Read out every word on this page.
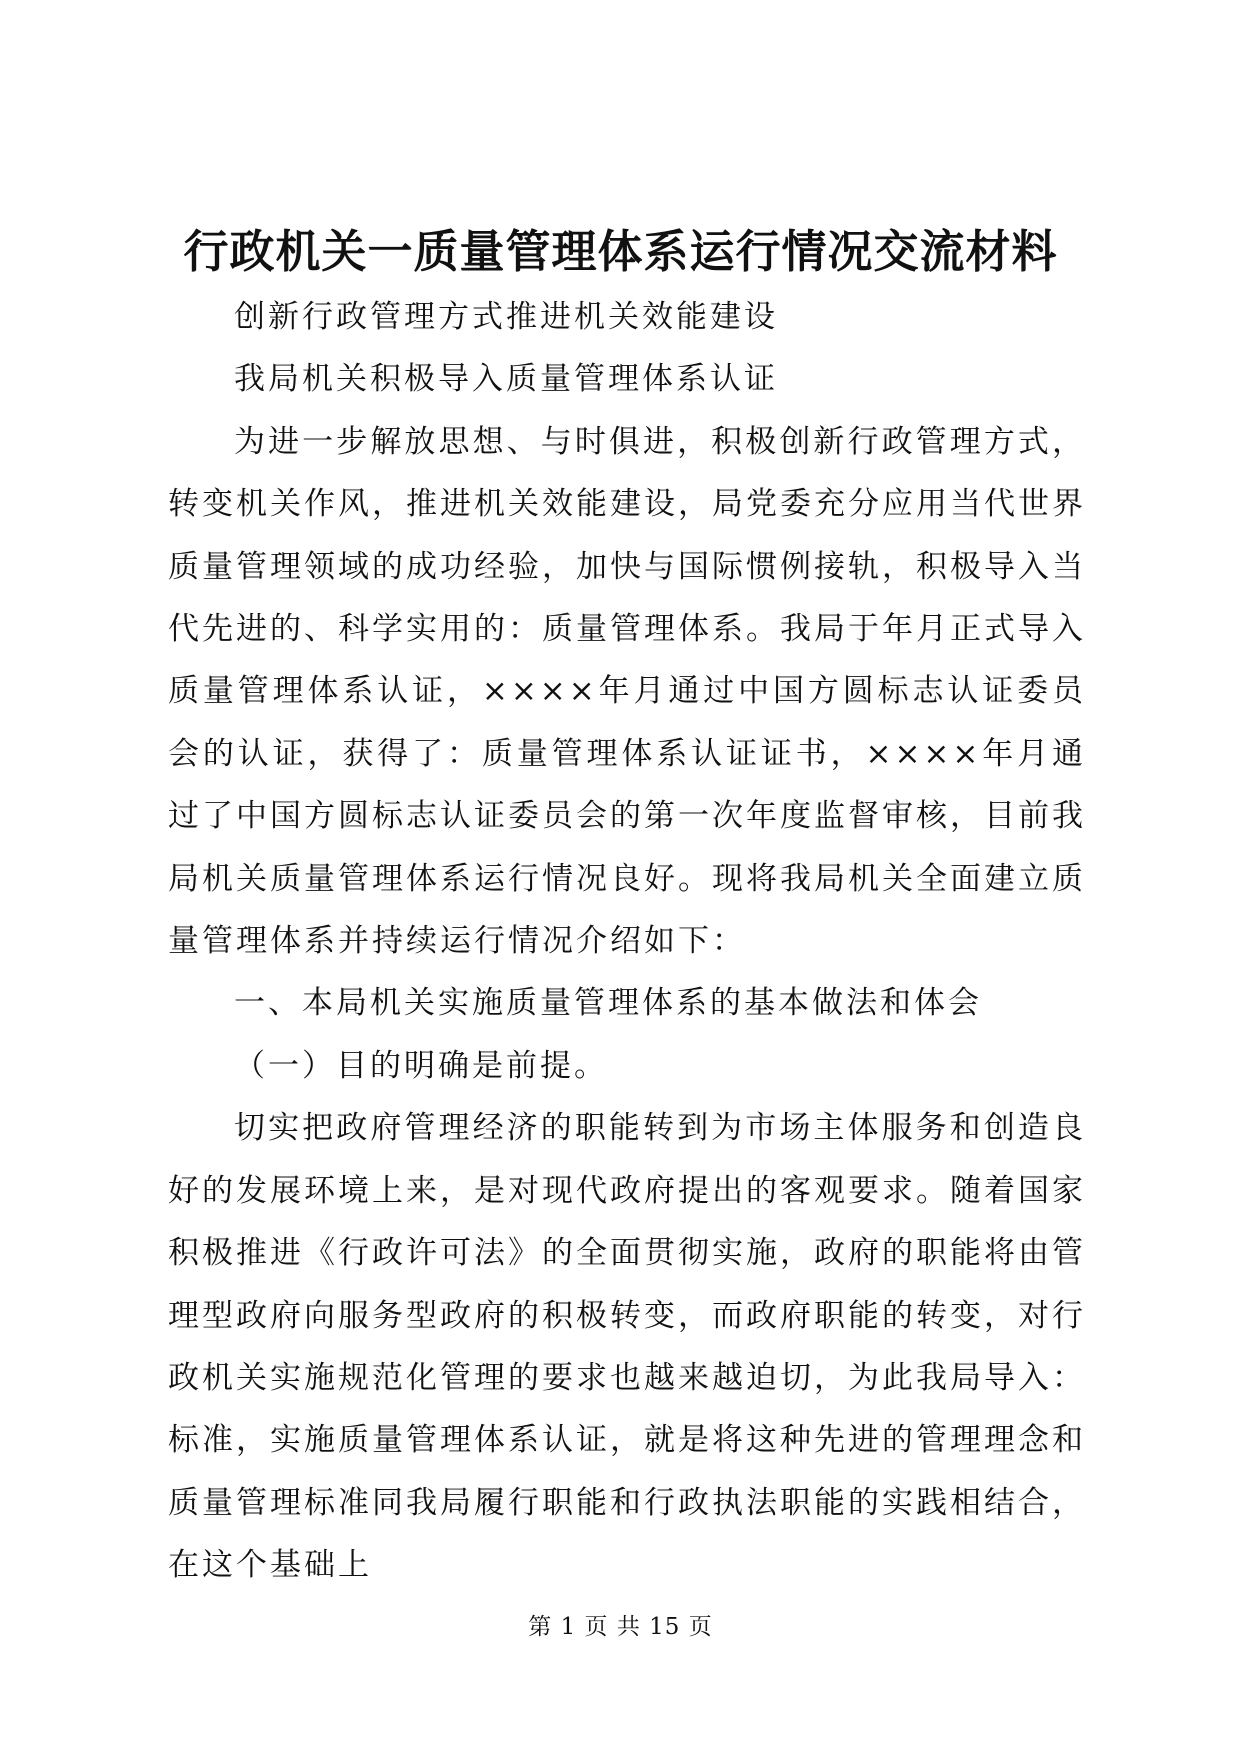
行政机关一质量管理体系运行情况交流材料

创新行政管理方式推进机关效能建设

我局机关积极导入质量管理体系认证

为进一步解放思想、与时俱进，积极创新行政管理方式，转变机关作风，推进机关效能建设，局党委充分应用当代世界质量管理领域的成功经验，加快与国际惯例接轨，积极导入当代先进的、科学实用的：质量管理体系。我局于年月正式导入质量管理体系认证，××××年月通过中国方圆标志认证委员会的认证，获得了：质量管理体系认证证书，××××年月通过了中国方圆标志认证委员会的第一次年度监督审核，目前我局机关质量管理体系运行情况良好。现将我局机关全面建立质量管理体系并持续运行情况介绍如下：

一、本局机关实施质量管理体系的基本做法和体会

（一）目的明确是前提。

切实把政府管理经济的职能转到为市场主体服务和创造良好的发展环境上来，是对现代政府提出的客观要求。随着国家积极推进《行政许可法》的全面贯彻实施，政府的职能将由管理型政府向服务型政府的积极转变，而政府职能的转变，对行政机关实施规范化管理的要求也越来越迫切，为此我局导入：标准，实施质量管理体系认证，就是将这种先进的管理理念和质量管理标准同我局履行职能和行政执法职能的实践相结合，在这个基础上

第 1 页 共 15 页
